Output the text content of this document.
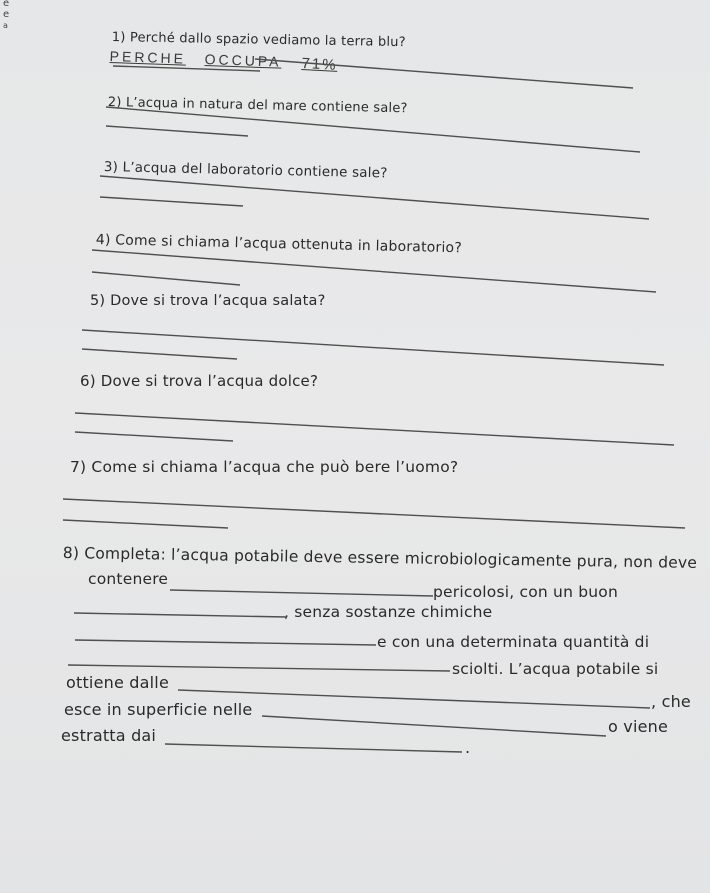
e
e
a
1) Perché dallo spazio vediamo la terra blu?
PERCHE OCCUPA 71%
2) L’acqua in natura del mare contiene sale?
3) L’acqua del laboratorio contiene sale?
4) Come si chiama l’acqua ottenuta in laboratorio?
5) Dove si trova l’acqua salata?
6) Dove si trova l’acqua dolce?
7) Come si chiama l’acqua che può bere l’uomo?
8) Completa: l’acqua potabile deve essere microbiologicamente pura, non deve
contenere
pericolosi, con un buon
, senza sostanze chimiche
e con una determinata quantità di
sciolti. L’acqua potabile si
ottiene dalle
, che
esce in superficie nelle
o viene
estratta dai
.
